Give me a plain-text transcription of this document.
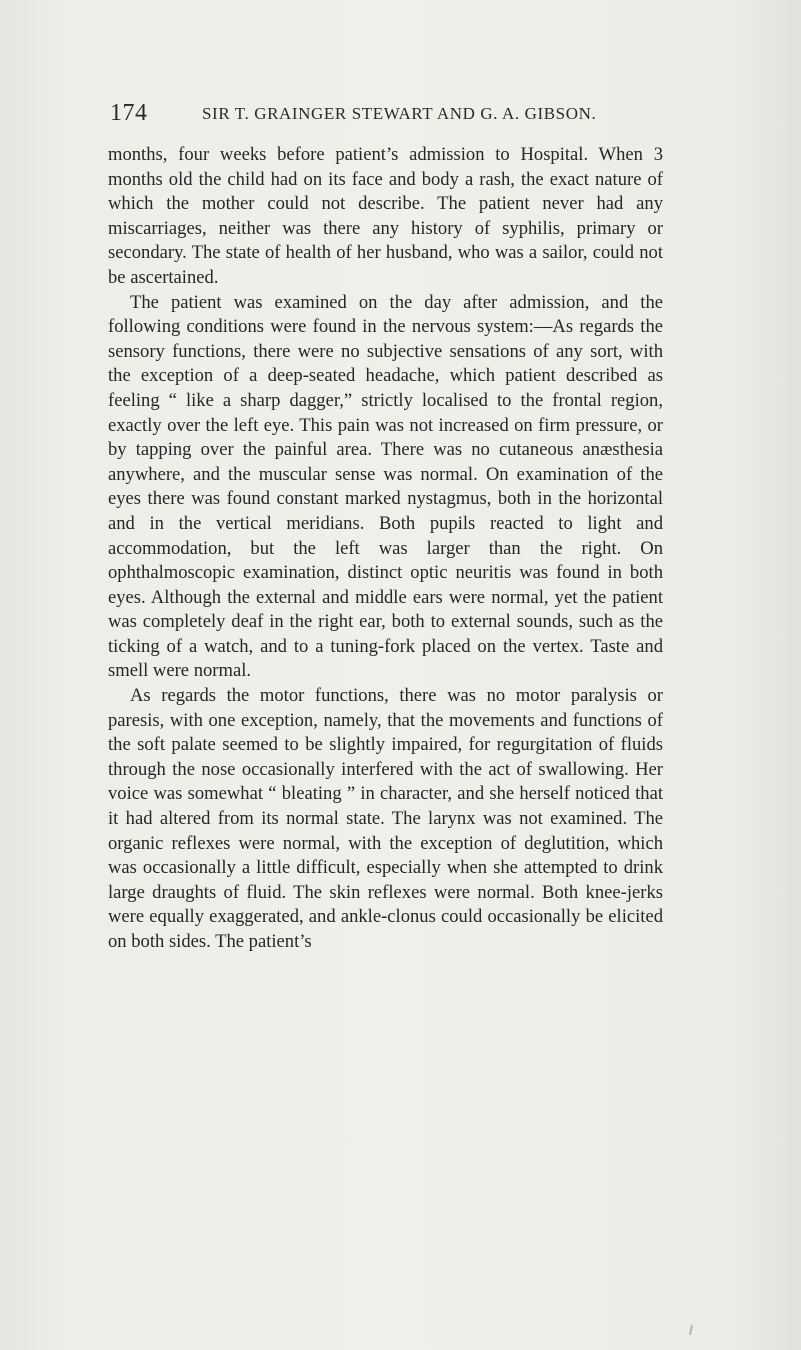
174	SIR T. GRAINGER STEWART AND G. A. GIBSON.

months, four weeks before patient’s admission to Hospital. When 3 months old the child had on its face and body a rash, the exact nature of which the mother could not describe. The patient never had any miscarriages, neither was there any history of syphilis, primary or secondary. The state of health of her husband, who was a sailor, could not be ascertained.

The patient was examined on the day after admission, and the following conditions were found in the nervous system:—As regards the sensory functions, there were no subjective sensations of any sort, with the exception of a deep-seated headache, which patient described as feeling “ like a sharp dagger,” strictly localised to the frontal region, exactly over the left eye. This pain was not increased on firm pressure, or by tapping over the painful area. There was no cutaneous anæsthesia anywhere, and the muscular sense was normal. On examination of the eyes there was found constant marked nystagmus, both in the horizontal and in the vertical meridians. Both pupils reacted to light and accommodation, but the left was larger than the right. On ophthalmoscopic examination, distinct optic neuritis was found in both eyes. Although the external and middle ears were normal, yet the patient was completely deaf in the right ear, both to external sounds, such as the ticking of a watch, and to a tuning-fork placed on the vertex. Taste and smell were normal.

As regards the motor functions, there was no motor paralysis or paresis, with one exception, namely, that the movements and functions of the soft palate seemed to be slightly impaired, for regurgitation of fluids through the nose occasionally interfered with the act of swallowing. Her voice was somewhat “ bleating ” in character, and she herself noticed that it had altered from its normal state. The larynx was not examined. The organic reflexes were normal, with the exception of deglutition, which was occasionally a little difficult, especially when she attempted to drink large draughts of fluid. The skin reflexes were normal. Both knee-jerks were equally exaggerated, and ankle-clonus could occasionally be elicited on both sides. The patient’s
